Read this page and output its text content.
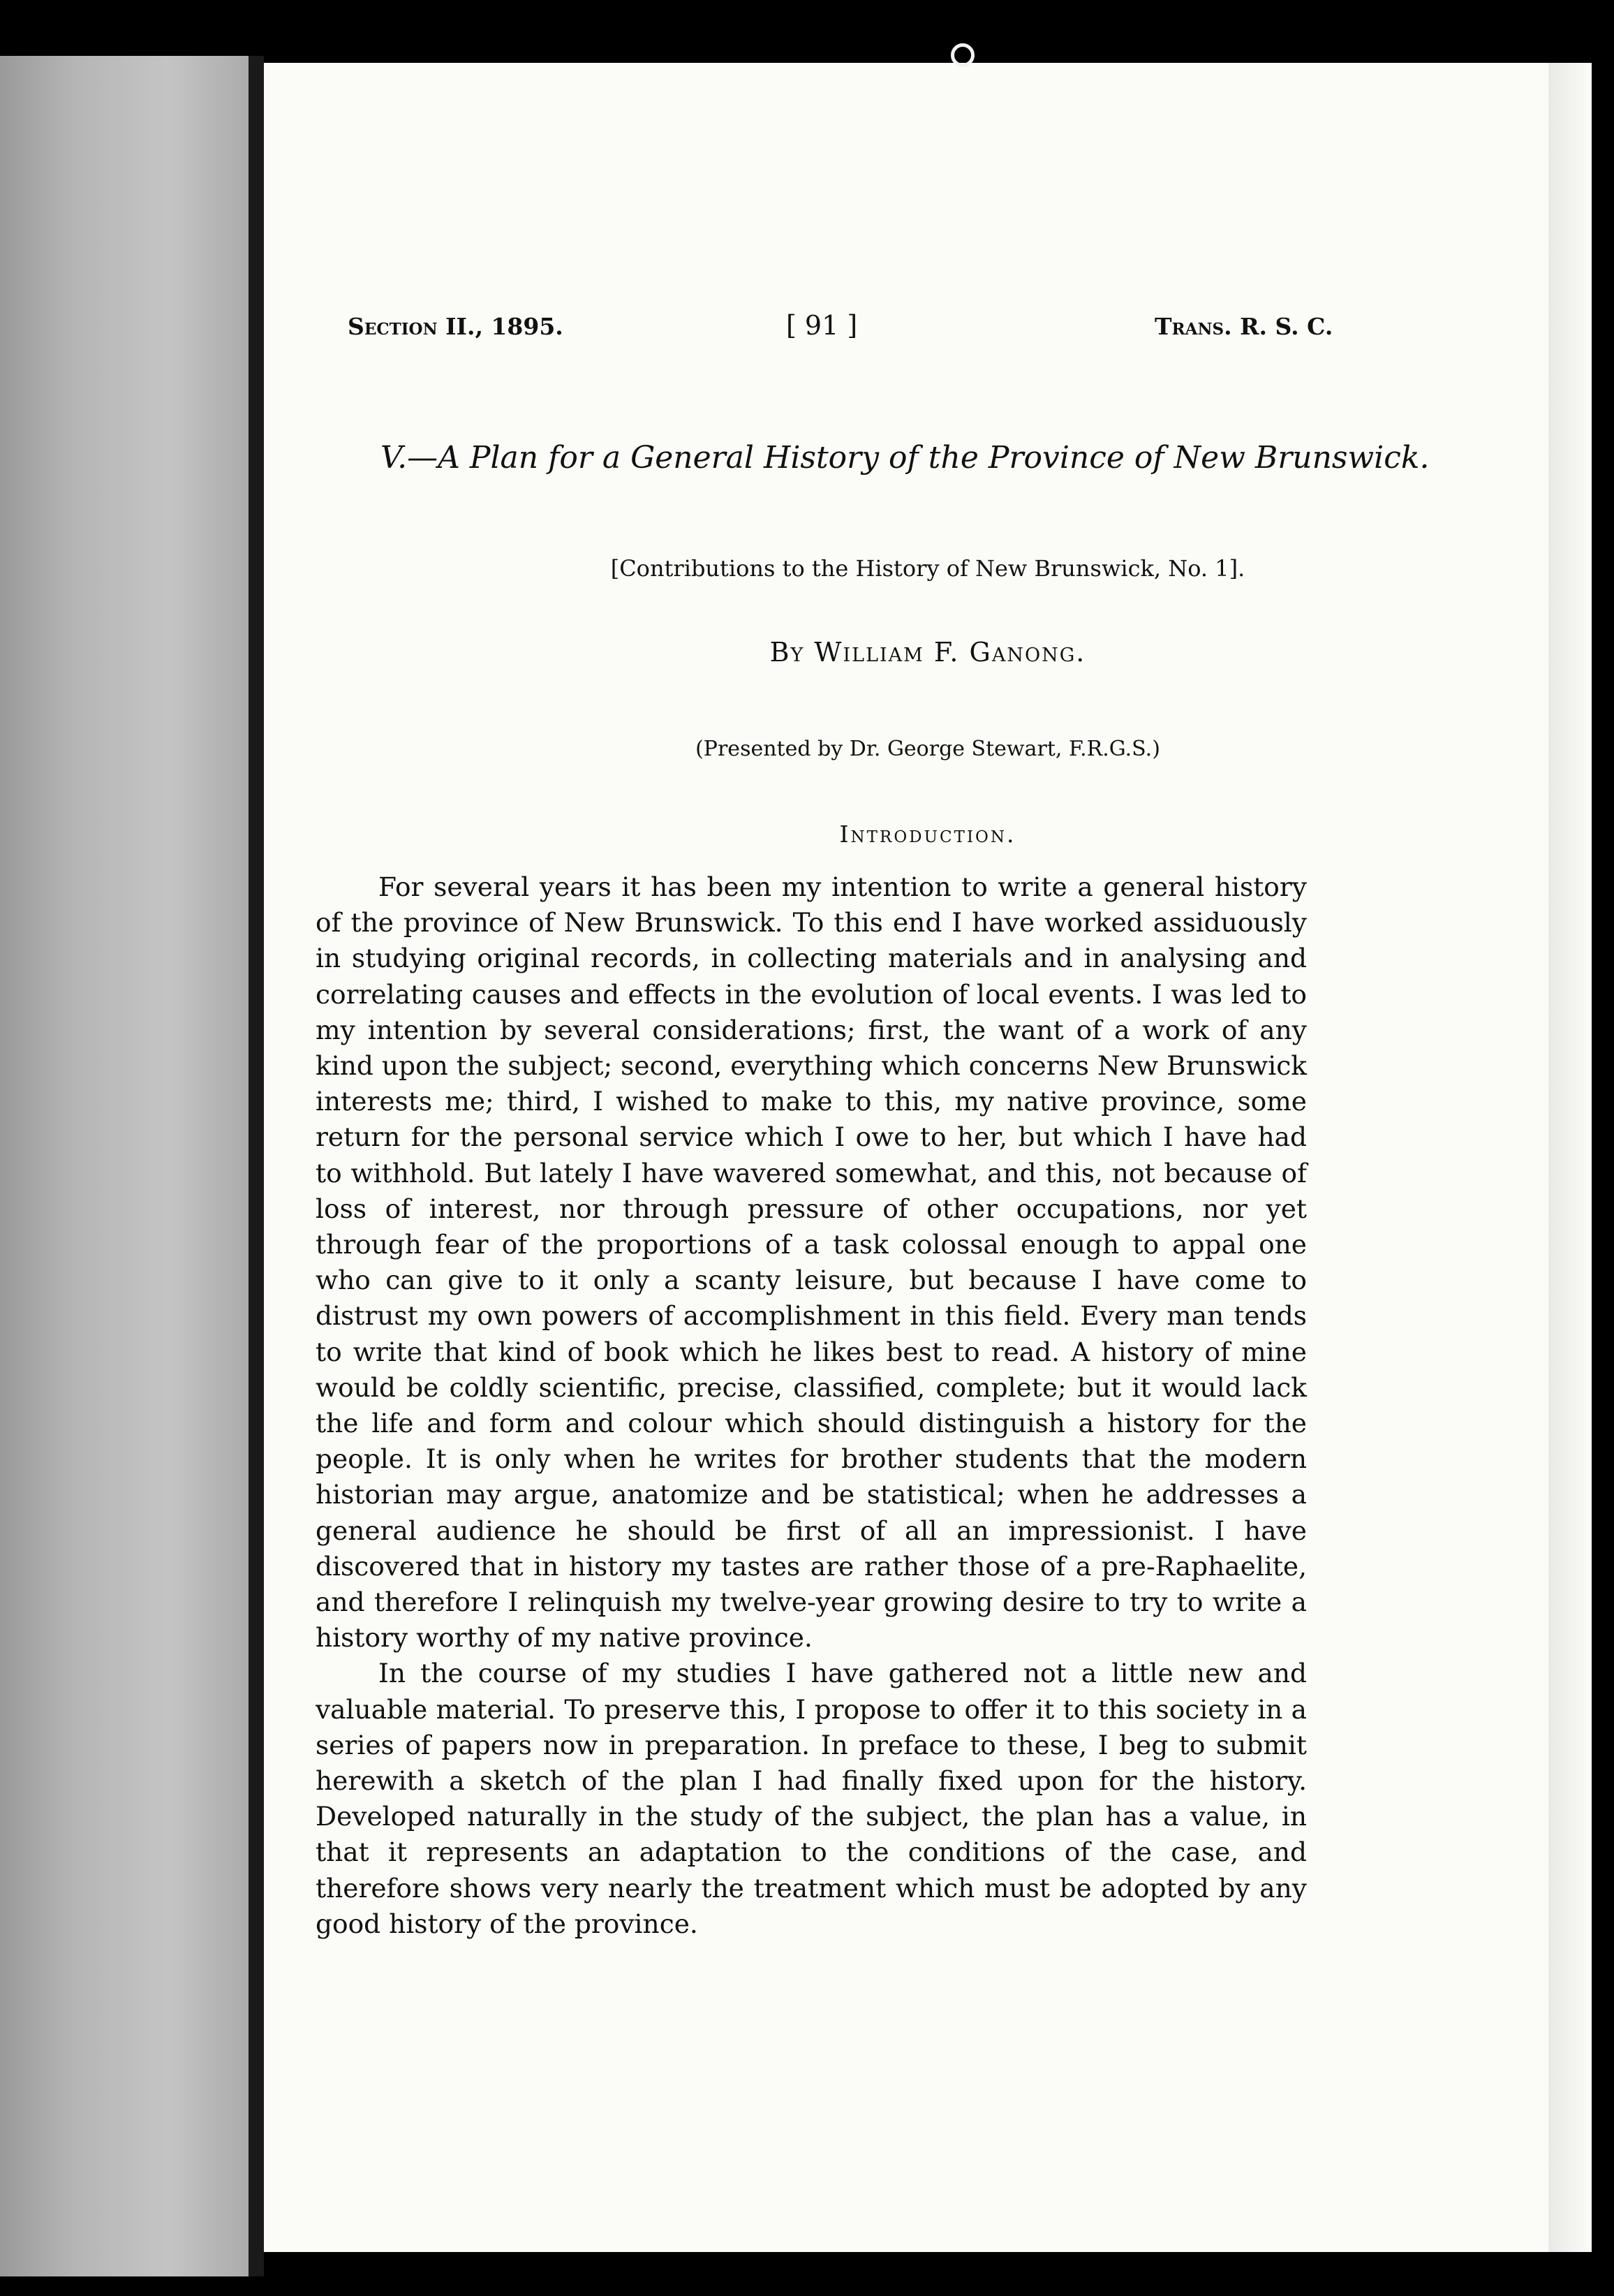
Section II., 1895.	[ 91 ]	Trans. R. S. C.
V.—A Plan for a General History of the Province of New Brunswick.
[Contributions to the History of New Brunswick, No. 1].
By William F. Ganong.
(Presented by Dr. George Stewart, F.R.G.S.)
Introduction.

For several years it has been my intention to write a general history of the province of New Brunswick. To this end I have worked assiduously in studying original records, in collecting materials and in analysing and correlating causes and effects in the evolution of local events. I was led to my intention by several considerations; first, the want of a work of any kind upon the subject; second, everything which concerns New Brunswick interests me; third, I wished to make to this, my native province, some return for the personal service which I owe to her, but which I have had to withhold. But lately I have wavered somewhat, and this, not because of loss of interest, nor through pressure of other occupations, nor yet through fear of the proportions of a task colossal enough to appal one who can give to it only a scanty leisure, but because I have come to distrust my own powers of accomplishment in this field. Every man tends to write that kind of book which he likes best to read. A history of mine would be coldly scientific, precise, classified, complete; but it would lack the life and form and colour which should distinguish a history for the people. It is only when he writes for brother students that the modern historian may argue, anatomize and be statistical; when he addresses a general audience he should be first of all an impressionist. I have discovered that in history my tastes are rather those of a pre-Raphaelite, and therefore I relinquish my twelve-year growing desire to try to write a history worthy of my native province.

In the course of my studies I have gathered not a little new and valuable material. To preserve this, I propose to offer it to this society in a series of papers now in preparation. In preface to these, I beg to submit herewith a sketch of the plan I had finally fixed upon for the history. Developed naturally in the study of the subject, the plan has a value, in that it represents an adaptation to the conditions of the case, and therefore shows very nearly the treatment which must be adopted by any good history of the province.
